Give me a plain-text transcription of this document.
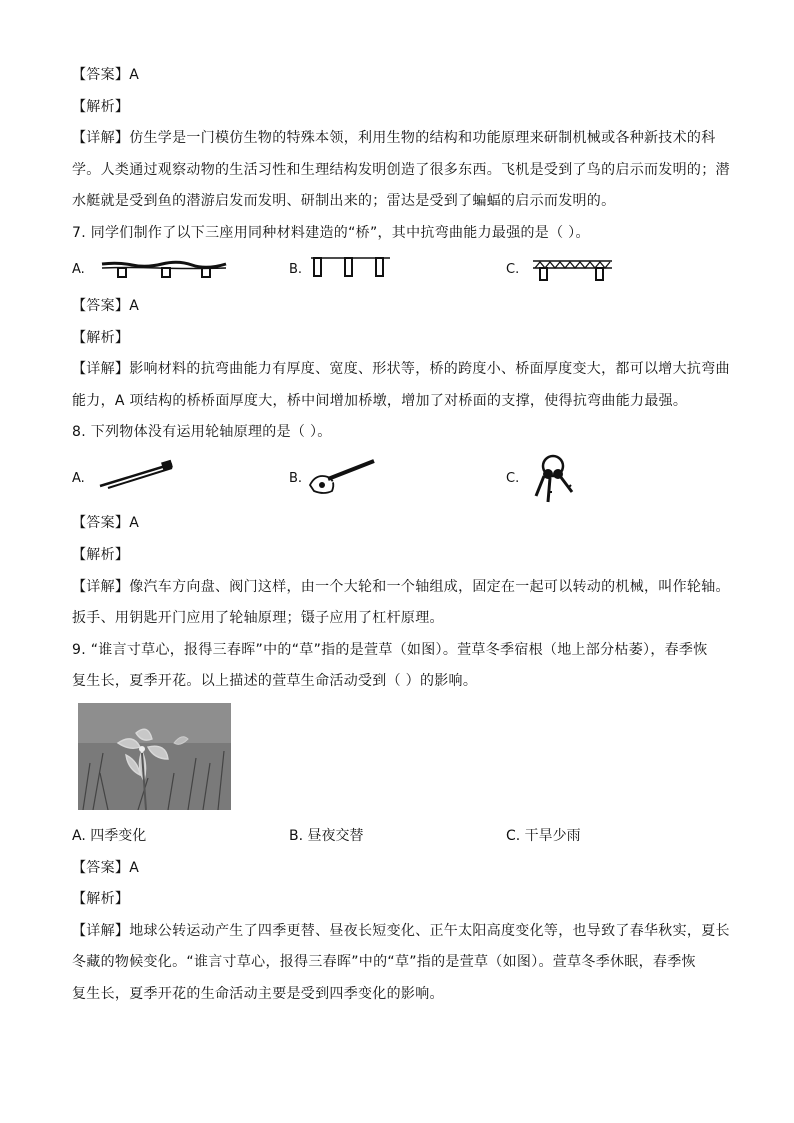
【答案】A
【解析】
【详解】仿生学是一门模仿生物的特殊本领，利用生物的结构和功能原理来研制机械或各种新技术的科
学。人类通过观察动物的生活习性和生理结构发明创造了很多东西。飞机是受到了鸟的启示而发明的；潜
水艇就是受到鱼的潜游启发而发明、研制出来的；雷达是受到了蝙蝠的启示而发明的。
7. 同学们制作了以下三座用同种材料建造的“桥”，其中抗弯曲能力最强的是（ ）。
A.	B.	C.
【答案】A
【解析】
【详解】影响材料的抗弯曲能力有厚度、宽度、形状等，桥的跨度小、桥面厚度变大，都可以增大抗弯曲
能力，A 项结构的桥桥面厚度大，桥中间增加桥墩，增加了对桥面的支撑，使得抗弯曲能力最强。
8. 下列物体没有运用轮轴原理的是（ ）。
A.	B.	C.
【答案】A
【解析】
【详解】像汽车方向盘、阀门这样，由一个大轮和一个轴组成，固定在一起可以转动的机械，叫作轮轴。
扳手、用钥匙开门应用了轮轴原理；镊子应用了杠杆原理。
9. “谁言寸草心，报得三春晖”中的“草”指的是萱草（如图）。萱草冬季宿根（地上部分枯萎），春季恢
复生长，夏季开花。以上描述的萱草生命活动受到（ ）的影响。
A. 四季变化	B. 昼夜交替	C. 干旱少雨
【答案】A
【解析】
【详解】地球公转运动产生了四季更替、昼夜长短变化、正午太阳高度变化等，也导致了春华秋实，夏长
冬藏的物候变化。“谁言寸草心，报得三春晖”中的“草”指的是萱草（如图）。萱草冬季休眠，春季恢
复生长，夏季开花的生命活动主要是受到四季变化的影响。
